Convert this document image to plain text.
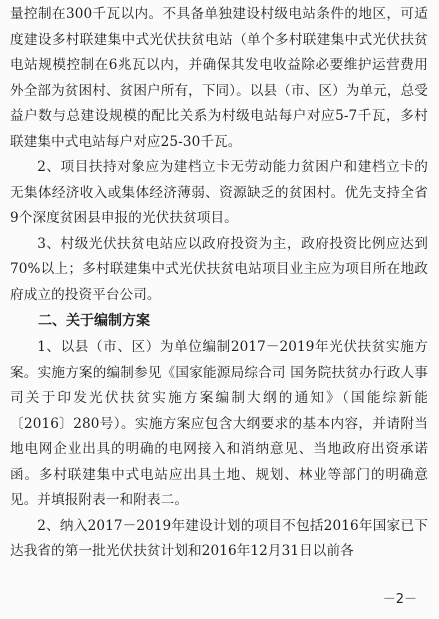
量控制在300千瓦以内。不具备单独建设村级电站条件的地区，可适度建设多村联建集中式光伏扶贫电站（单个多村联建集中式光伏扶贫电站规模控制在6兆瓦以内，并确保其发电收益除必要维护运营费用外全部为贫困村、贫困户所有，下同）。以县（市、区）为单元，总受益户数与总建设规模的配比关系为村级电站每户对应5-7千瓦，多村联建集中式电站每户对应25-30千瓦。

2、项目扶持对象应为建档立卡无劳动能力贫困户和建档立卡的无集体经济收入或集体经济薄弱、资源缺乏的贫困村。优先支持全省9个深度贫困县申报的光伏扶贫项目。

3、村级光伏扶贫电站应以政府投资为主，政府投资比例应达到70%以上；多村联建集中式光伏扶贫电站项目业主应为项目所在地政府成立的投资平台公司。

二、关于编制方案

1、以县（市、区）为单位编制2017－2019年光伏扶贫实施方案。实施方案的编制参见《国家能源局综合司 国务院扶贫办行政人事司关于印发光伏扶贫实施方案编制大纲的通知》（国能综新能〔2016〕280号）。实施方案应包含大纲要求的基本内容，并请附当地电网企业出具的明确的电网接入和消纳意见、当地政府出资承诺函。多村联建集中式电站应出具土地、规划、林业等部门的明确意见。并填报附表一和附表二。

2、纳入2017－2019年建设计划的项目不包括2016年国家已下达我省的第一批光伏扶贫计划和2016年12月31日以前各

－2－
